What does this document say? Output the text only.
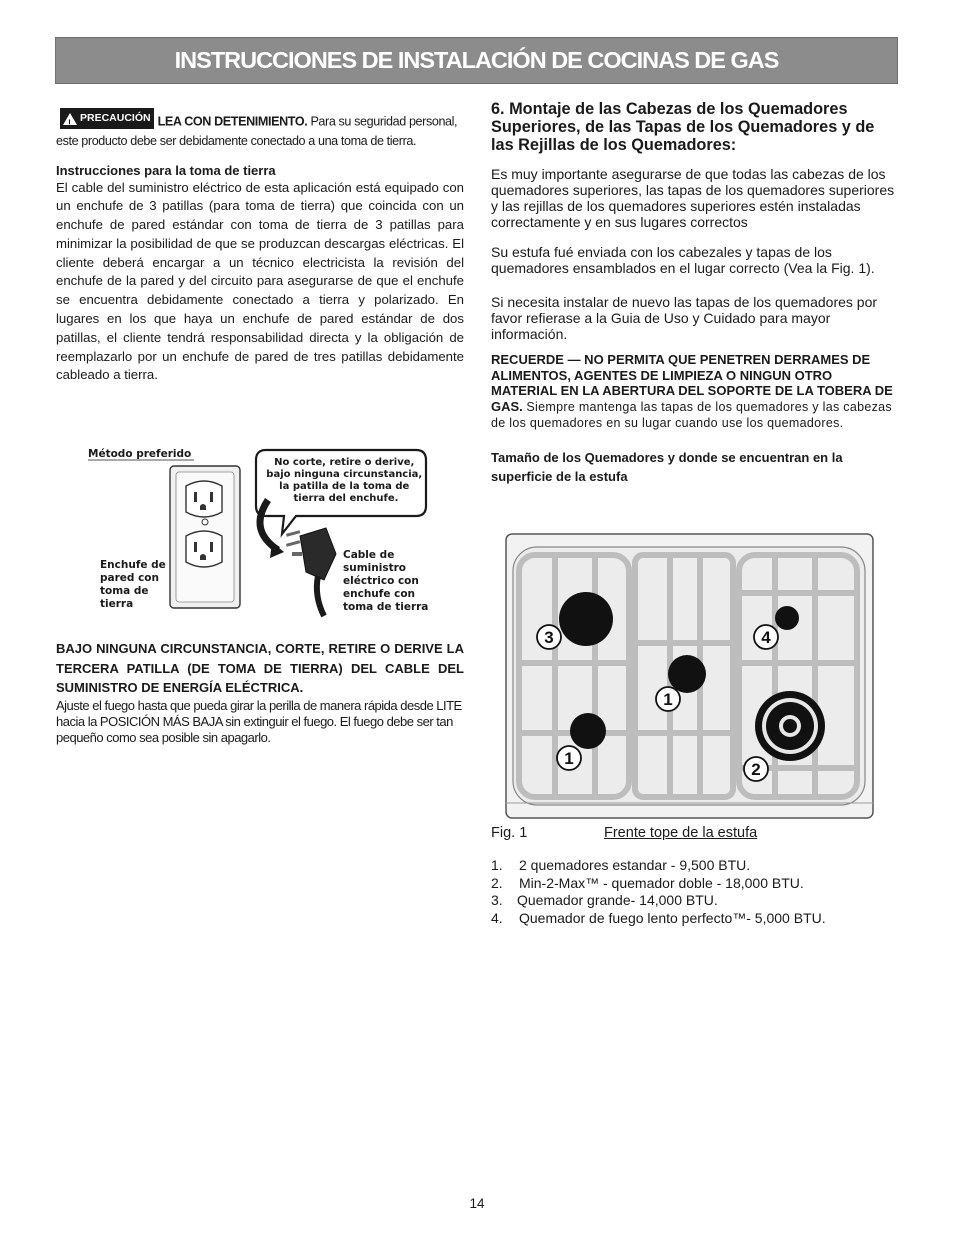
INSTRUCCIONES DE INSTALACIÓN DE COCINAS DE GAS

!
PRECAUCIÓN LEA CON DETENIMIENTO. Para su seguridad personal, este producto debe ser debidamente conectado a una toma de tierra.

Instrucciones para la toma de tierra

El cable del suministro eléctrico de esta aplicación está equipado con un enchufe de 3 patillas (para toma de tierra) que coincida con un enchufe de pared estándar con toma de tierra de 3 patillas para minimizar la posibilidad de que se produzcan descargas eléctricas. El cliente deberá encargar a un técnico electricista la revisión del enchufe de la pared y del circuito para asegurarse de que el enchufe se encuentra debidamente conectado a tierra y polarizado. En lugares en los que haya un enchufe de pared estándar de dos patillas, el cliente tendrá responsabilidad directa y la obligación de reemplazarlo por un enchufe de pared de tres patillas debidamente cableado a tierra.

Método preferido
Enchufe de pared con toma de tierra
No corte, retire o derive, bajo ninguna circunstancia, la patilla de la toma de tierra del enchufe.
Cable de suministro eléctrico con enchufe con toma de tierra

BAJO NINGUNA CIRCUNSTANCIA, CORTE, RETIRE O DERIVE LA TERCERA PATILLA (DE TOMA DE TIERRA) DEL CABLE DEL SUMINISTRO DE ENERGÍA ELÉCTRICA.

Ajuste el fuego hasta que pueda girar la perilla de manera rápida desde LITE hacia la POSICIÓN MÁS BAJA sin extinguir el fuego. El fuego debe ser tan pequeño como sea posible sin apagarlo.

6. Montaje de las Cabezas de los Quemadores Superiores, de las Tapas de los Quemadores y de las Rejillas de los Quemadores:

Es muy importante asegurarse de que todas las cabezas de los quemadores superiores, las tapas de los quemadores superiores y las rejillas de los quemadores superiores estén instaladas correctamente y en sus lugares correctos

Su estufa fué enviada con los cabezales y tapas de los quemadores ensamblados en el lugar correcto (Vea la Fig. 1).

Si necesita instalar de nuevo las tapas de los quemadores por favor refierase a la Guia de Uso y Cuidado para mayor información.

RECUERDE — NO PERMITA QUE PENETREN DERRAMES DE ALIMENTOS, AGENTES DE LIMPIEZA O NINGUN OTRO MATERIAL EN LA ABERTURA DEL SOPORTE DE LA TOBERA DE GAS. Siempre mantenga las tapas de los quemadores y las cabezas de los quemadores en su lugar cuando use los quemadores.

Tamaño de los Quemadores y donde se encuentran en la superficie de la estufa

3	4
1
1
2
Fig. 1	Frente tope de la estufa
1. 2 quemadores estandar - 9,500 BTU.
2. Min-2-Max™ - quemador doble - 18,000 BTU.
3. Quemador grande- 14,000 BTU.
4. Quemador de fuego lento perfecto™- 5,000 BTU.
14
